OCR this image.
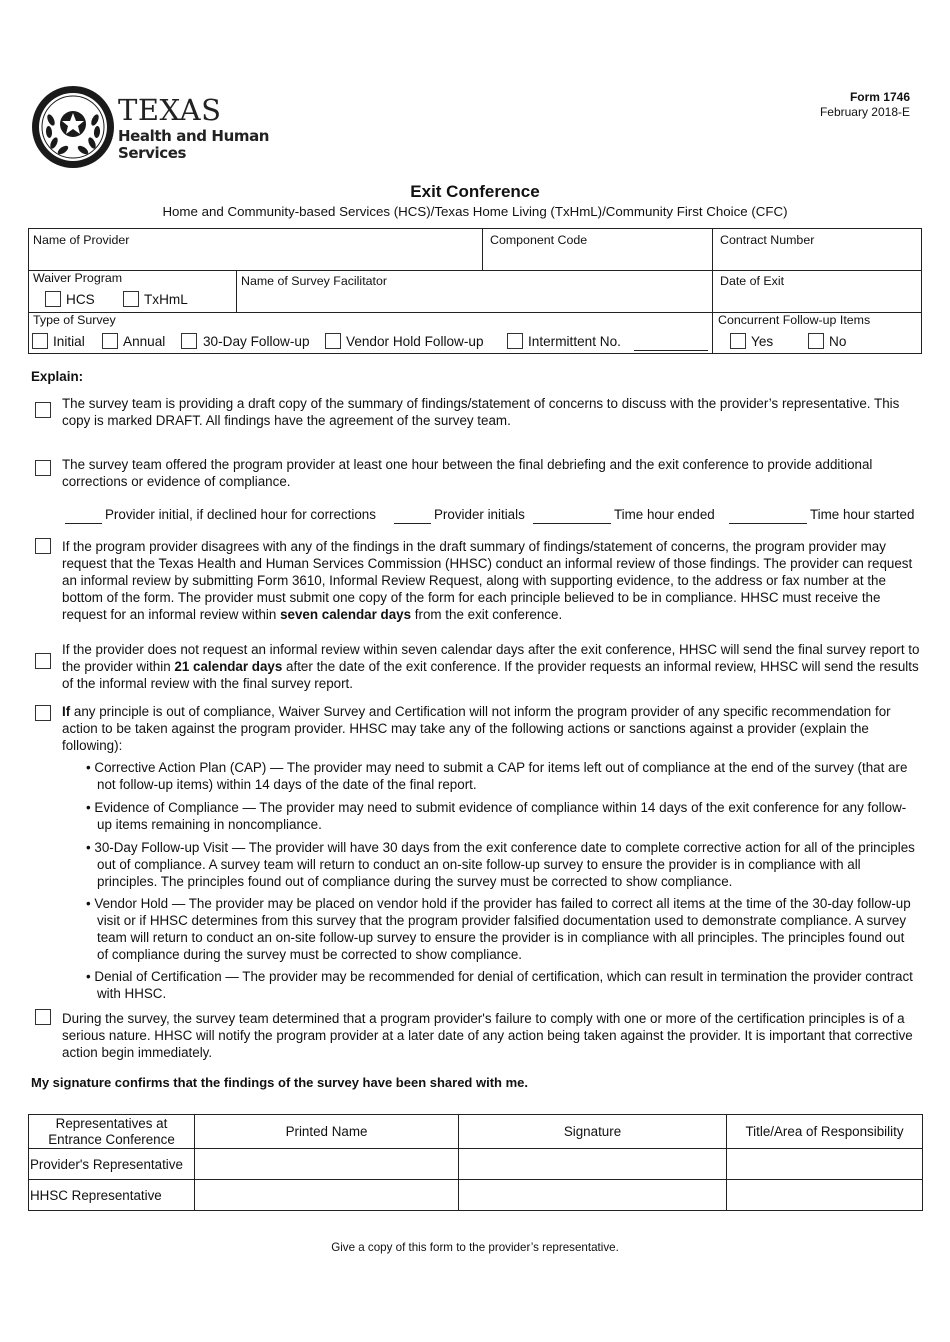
TEXAS
Health and Human
Services
Form 1746
February 2018-E
Exit Conference
Home and Community-based Services (HCS)/Texas Home Living (TxHmL)/Community First Choice (CFC)
Name of Provider	Component Code	Contract Number
Waiver Program
HCS	TxHmL
Name of Survey Facilitator	Date of Exit
Type of Survey
Initial	Annual	30-Day Follow-up	Vendor Hold Follow-up	Intermittent No.
Concurrent Follow-up Items
Yes	No
Explain:
The survey team is providing a draft copy of the summary of findings/statement of concerns to discuss with the provider’s representative. This copy is marked DRAFT. All findings have the agreement of the survey team.
The survey team offered the program provider at least one hour between the final debriefing and the exit conference to provide additional corrections or evidence of compliance.
Provider initial, if declined hour for corrections	Provider initials	Time hour ended	Time hour started
If the program provider disagrees with any of the findings in the draft summary of findings/statement of concerns, the program provider may request that the Texas Health and Human Services Commission (HHSC) conduct an informal review of those findings. The provider can request an informal review by submitting Form 3610, Informal Review Request, along with supporting evidence, to the address or fax number at the bottom of the form. The provider must submit one copy of the form for each principle believed to be in compliance. HHSC must receive the request for an informal review within seven calendar days from the exit conference.
If the provider does not request an informal review within seven calendar days after the exit conference, HHSC will send the final survey report to the provider within 21 calendar days after the date of the exit conference. If the provider requests an informal review, HHSC will send the results of the informal review with the final survey report.
If any principle is out of compliance, Waiver Survey and Certification will not inform the program provider of any specific recommendation for action to be taken against the program provider. HHSC may take any of the following actions or sanctions against a provider (explain the following):
• Corrective Action Plan (CAP) — The provider may need to submit a CAP for items left out of compliance at the end of the survey (that are not follow-up items) within 14 days of the date of the final report.
• Evidence of Compliance — The provider may need to submit evidence of compliance within 14 days of the exit conference for any follow-up items remaining in noncompliance.
• 30-Day Follow-up Visit — The provider will have 30 days from the exit conference date to complete corrective action for all of the principles out of compliance. A survey team will return to conduct an on-site follow-up survey to ensure the provider is in compliance with all principles. The principles found out of compliance during the survey must be corrected to show compliance.
• Vendor Hold — The provider may be placed on vendor hold if the provider has failed to correct all items at the time of the 30-day follow-up visit or if HHSC determines from this survey that the program provider falsified documentation used to demonstrate compliance. A survey team will return to conduct an on-site follow-up survey to ensure the provider is in compliance with all principles. The principles found out of compliance during the survey must be corrected to show compliance.
• Denial of Certification — The provider may be recommended for denial of certification, which can result in termination the provider contract with HHSC.
During the survey, the survey team determined that a program provider's failure to comply with one or more of the certification principles is of a serious nature. HHSC will notify the program provider at a later date of any action being taken against the provider. It is important that corrective action begin immediately.
My signature confirms that the findings of the survey have been shared with me.
Representatives at Entrance Conference	Printed Name	Signature	Title/Area of Responsibility
Provider's Representative			
HHSC Representative			
Give a copy of this form to the provider’s representative.
